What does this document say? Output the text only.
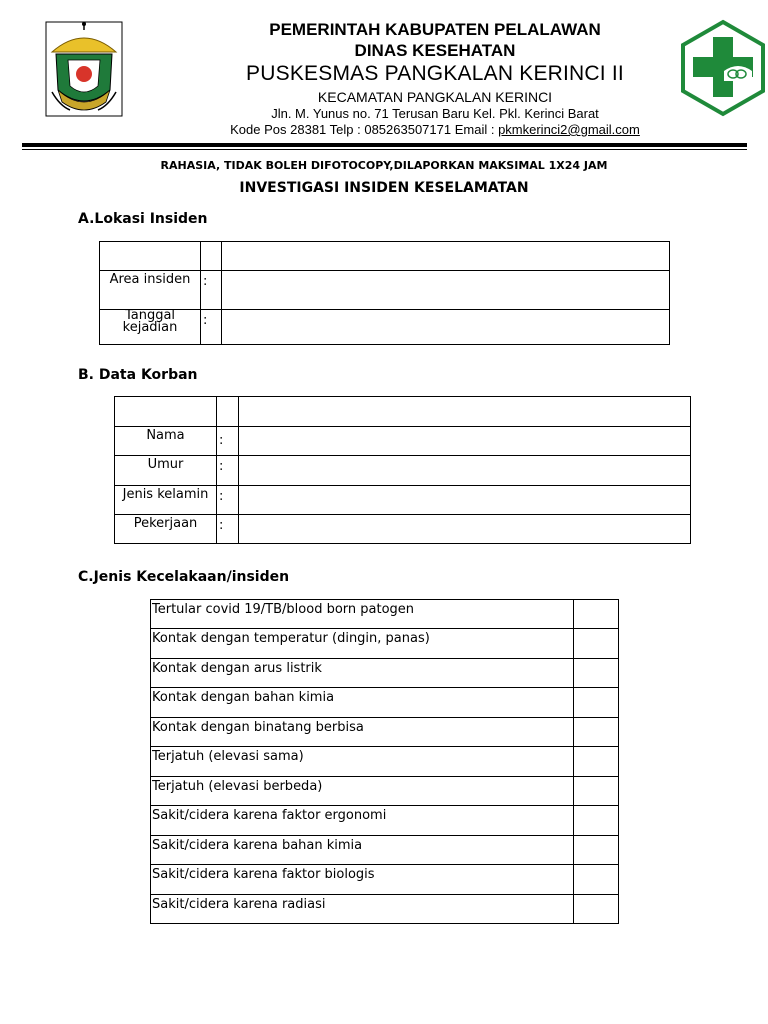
PEMERINTAH KABUPATEN PELALAWAN
DINAS KESEHATAN
PUSKESMAS PANGKALAN KERINCI II
KECAMATAN PANGKALAN KERINCI
Jln. M. Yunus no. 71 Terusan Baru Kel. Pkl. Kerinci Barat
Kode Pos 28381 Telp : 085263507171 Email : pkmkerinci2@gmail.com
RAHASIA, TIDAK BOLEH DIFOTOCOPY,DILAPORKAN MAKSIMAL 1X24 JAM
INVESTIGASI INSIDEN KESELAMATAN
A.Lokasi Insiden

Area insiden	:	
Tanggal kejadian	:	
B. Data Korban

Nama	:	
Umur	:	
Jenis kelamin	:	
Pekerjaan	:	
C.Jenis Kecelakaan/insiden
Tertular covid 19/TB/blood born patogen	
Kontak dengan temperatur (dingin, panas)	
Kontak dengan arus listrik	
Kontak dengan bahan kimia	
Kontak dengan binatang berbisa	
Terjatuh (elevasi sama)	
Terjatuh (elevasi berbeda)	
Sakit/cidera karena faktor ergonomi	
Sakit/cidera karena bahan kimia	
Sakit/cidera karena faktor biologis	
Sakit/cidera karena radiasi	
